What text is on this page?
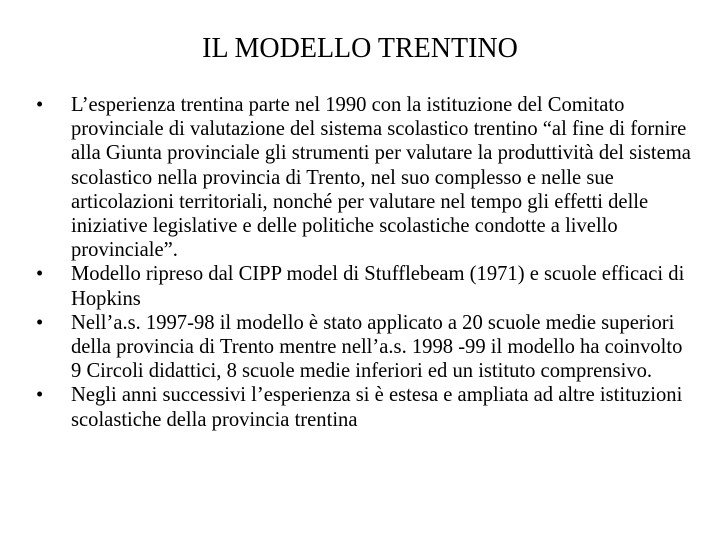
IL MODELLO TRENTINO
•	L’esperienza trentina parte nel 1990 con la istituzione del Comitato provinciale di valutazione del sistema scolastico trentino “al fine di fornire alla Giunta provinciale gli strumenti per valutare la produttività del sistema scolastico nella provincia di Trento, nel suo complesso e nelle sue articolazioni territoriali, nonché per valutare nel tempo gli effetti delle iniziative legislative e delle politiche scolastiche condotte a livello provinciale”.
•	Modello ripreso dal CIPP model di Stufflebeam (1971) e scuole efficaci di Hopkins
•	Nell’a.s. 1997-98 il modello è stato applicato a 20 scuole medie superiori della provincia di Trento mentre nell’a.s. 1998 -99 il modello ha coinvolto 9 Circoli didattici, 8 scuole medie inferiori ed un istituto comprensivo.
•	Negli anni successivi l’esperienza si è estesa e ampliata ad altre istituzioni scolastiche della provincia trentina
